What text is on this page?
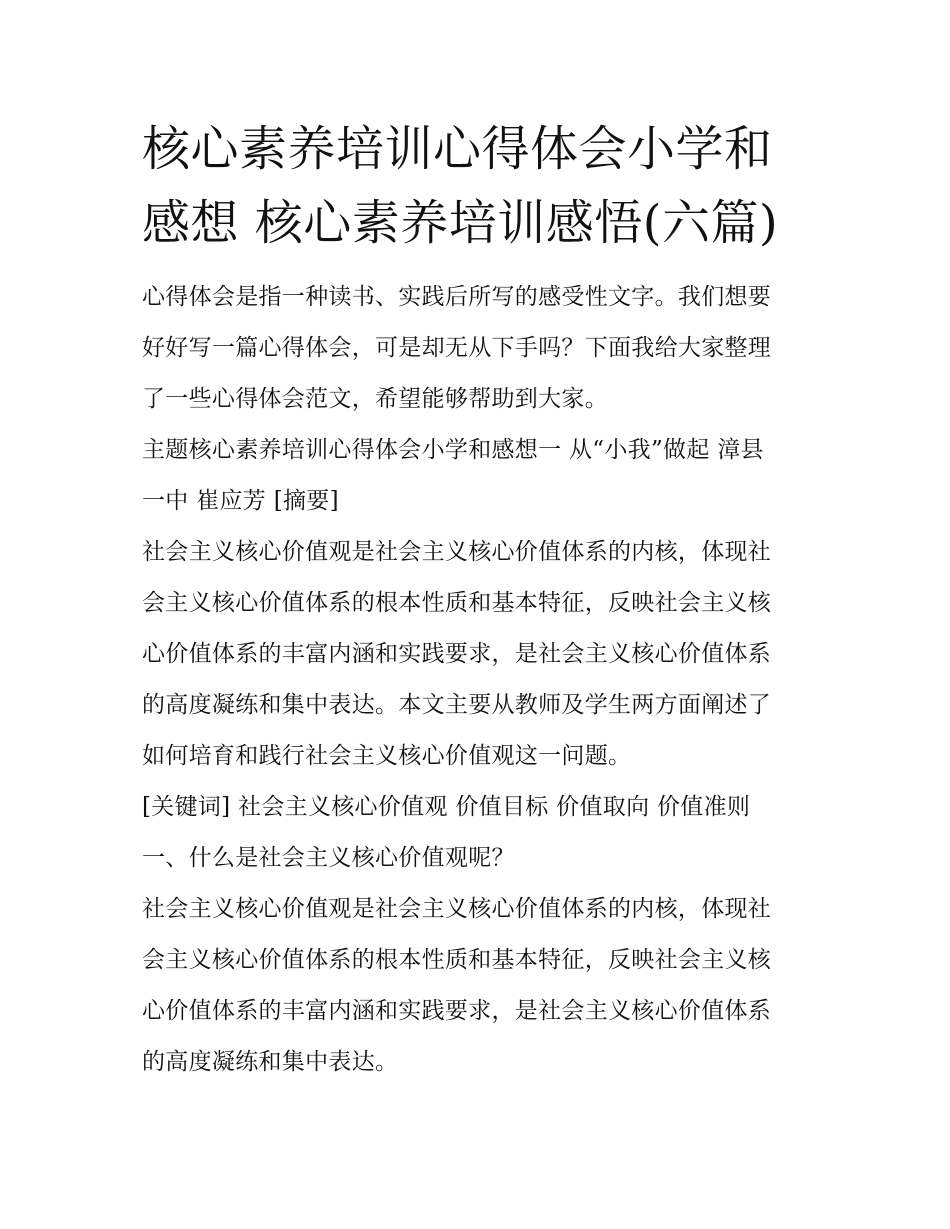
核心素养培训心得体会小学和
感想 核心素养培训感悟(六篇)

心得体会是指一种读书、实践后所写的感受性文字。我们想要
好好写一篇心得体会，可是却无从下手吗？下面我给大家整理
了一些心得体会范文，希望能够帮助到大家。

主题核心素养培训心得体会小学和感想一 从“小我”做起 漳县
一中 崔应芳 [摘要]

社会主义核心价值观是社会主义核心价值体系的内核，体现社
会主义核心价值体系的根本性质和基本特征，反映社会主义核
心价值体系的丰富内涵和实践要求，是社会主义核心价值体系
的高度凝练和集中表达。本文主要从教师及学生两方面阐述了
如何培育和践行社会主义核心价值观这一问题。

[关键词] 社会主义核心价值观 价值目标 价值取向 价值准则

一、什么是社会主义核心价值观呢？

社会主义核心价值观是社会主义核心价值体系的内核，体现社
会主义核心价值体系的根本性质和基本特征，反映社会主义核
心价值体系的丰富内涵和实践要求，是社会主义核心价值体系
的高度凝练和集中表达。
